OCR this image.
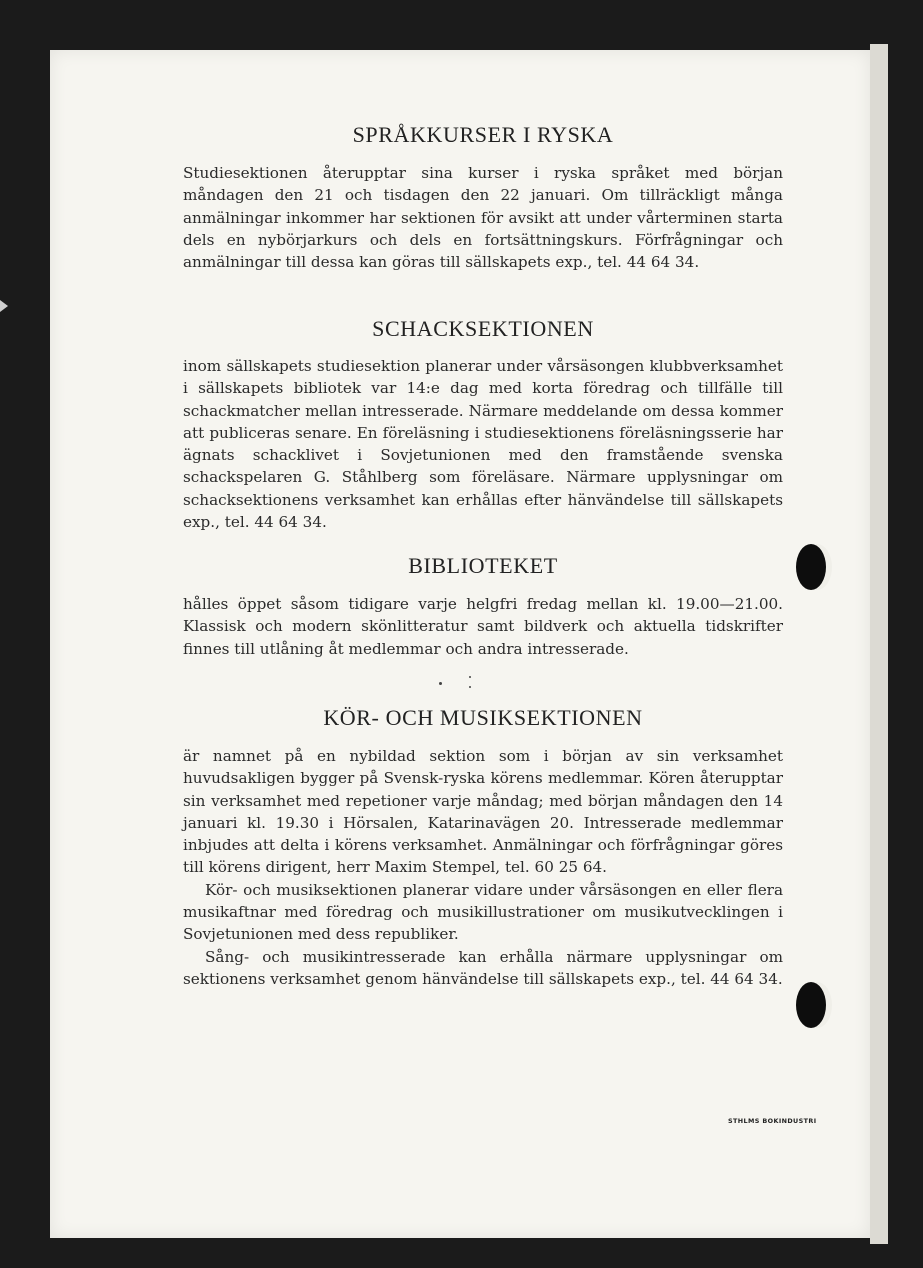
SPRÅKKURSER I RYSKA

Studiesektionen återupptar sina kurser i ryska språket med början måndagen den 21 och tisdagen den 22 januari. Om tillräckligt många anmälningar inkommer har sektionen för avsikt att under vårterminen starta dels en nybörjarkurs och dels en fortsättningskurs. Förfrågningar och anmälningar till dessa kan göras till sällskapets exp., tel. 44 64 34.

SCHACKSEKTIONEN

inom sällskapets studiesektion planerar under vårsäsongen klubbverksamhet i sällskapets bibliotek var 14:e dag med korta föredrag och tillfälle till schackmatcher mellan intresserade. Närmare meddelande om dessa kommer att publiceras senare. En föreläsning i studiesektionens föreläsningsserie har ägnats schacklivet i Sovjetunionen med den framstående svenska schackspelaren G. Ståhlberg som föreläsare. Närmare upplysningar om schacksektionens verksamhet kan erhållas efter hänvändelse till sällskapets exp., tel. 44 64 34.

BIBLIOTEKET

hålles öppet såsom tidigare varje helgfri fredag mellan kl. 19.00—21.00. Klassisk och modern skönlitteratur samt bildverk och aktuella tidskrifter finnes till utlåning åt medlemmar och andra intresserade.

KÖR- OCH MUSIKSEKTIONEN

är namnet på en nybildad sektion som i början av sin verksamhet huvudsakligen bygger på Svensk-ryska körens medlemmar. Kören återupptar sin verksamhet med repetioner varje måndag; med början måndagen den 14 januari kl. 19.30 i Hörsalen, Katarinavägen 20. Intresserade medlemmar inbjudes att delta i körens verksamhet. Anmälningar och förfrågningar göres till körens dirigent, herr Maxim Stempel, tel. 60 25 64.

Kör- och musiksektionen planerar vidare under vårsäsongen en eller flera musikaftnar med föredrag och musikillustrationer om musikutvecklingen i Sovjetunionen med dess republiker.

Sång- och musikintresserade kan erhålla närmare upplysningar om sektionens verksamhet genom hänvändelse till sällskapets exp., tel. 44 64 34.

STHLMS BOKINDUSTRI
